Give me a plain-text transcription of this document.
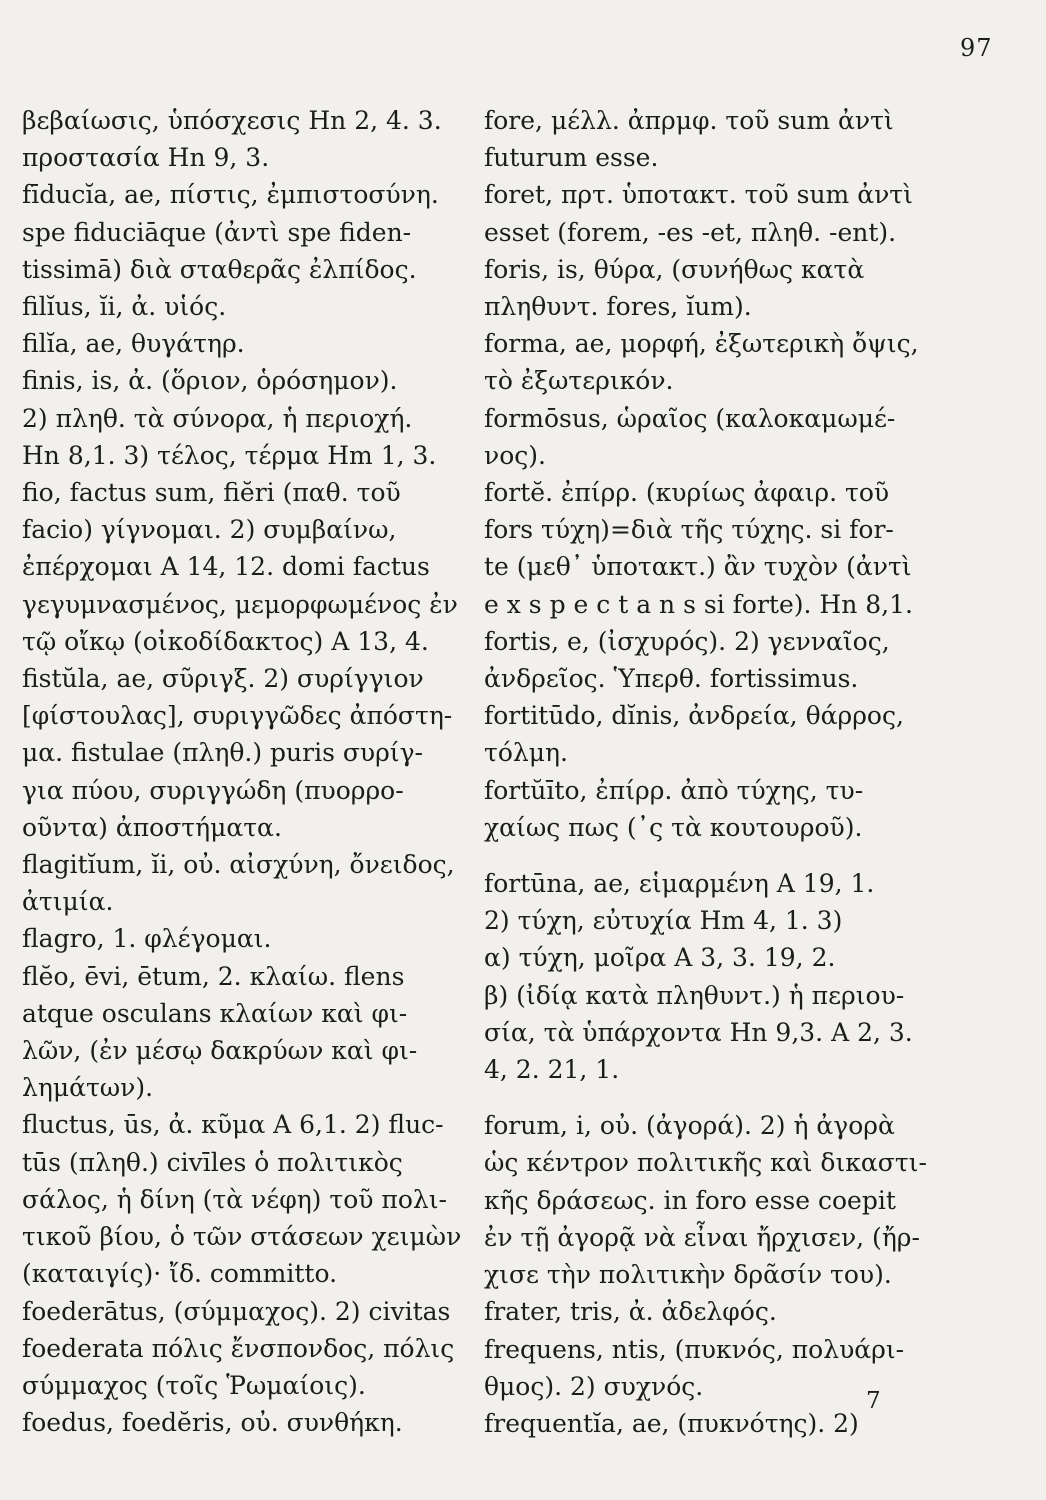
97
βεβαίωσις, ὑπόσχεσις Hn 2, 4. 3.
προστασία Hn 9, 3.
fīducĭa, ae, πίστις, ἐμπιστοσύνη.
spe fiduciāque (ἀντὶ spe fiden-
tissimā) διὰ σταθερᾶς ἐλπίδος.
filĭus, ĭi, ἀ. υἱός.
filĭa, ae, θυγάτηρ.
finis, is, ἀ. (ὅριον, ὁρόσημον).
2) πληθ. τὰ σύνορα, ἡ περιοχή.
Hn 8,1. 3) τέλος, τέρμα Hm 1, 3.
fio, factus sum, fiĕri (παθ. τοῦ
facio) γίγνομαι. 2) συμβαίνω,
ἐπέρχομαι A 14, 12. domi factus
γεγυμνασμένος, μεμορφωμένος ἐν
τῷ οἴκῳ (οἰκοδίδακτος) A 13, 4.
fistŭla, ae, σῦριγξ. 2) συρίγγιον
[φίστουλας], συριγγῶδες ἀπόστη-
μα. fistulae (πληθ.) puris συρίγ-
για πύου, συριγγώδη (πυορρο-
οῦντα) ἀποστήματα.
flagitĭum, ĭi, οὐ. αἰσχύνη, ὄνειδος,
ἀτιμία.
flagro, 1. φλέγομαι.
flĕo, ēvi, ētum, 2. κλαίω. flens
atque osculans κλαίων καὶ φι-
λῶν, (ἐν μέσῳ δακρύων καὶ φι-
λημάτων).
fluctus, ūs, ἀ. κῦμα A 6,1. 2) fluc-
tūs (πληθ.) civīles ὁ πολιτικὸς
σάλος, ἡ δίνη (τὰ νέφη) τοῦ πολι-
τικοῦ βίου, ὁ τῶν στάσεων χειμὼν
(καταιγίς)· ἴδ. committo.
foederātus, (σύμμαχος). 2) civitas
foederata πόλις ἔνσπονδος, πόλις
σύμμαχος (τοῖς Ῥωμαίοις).
foedus, foedĕris, οὐ. συνθήκη.
fore, μέλλ. ἀπρμφ. τοῦ sum ἀντὶ
futurum esse.
foret, πρτ. ὑποτακτ. τοῦ sum ἀντὶ
esset (forem, -es -et, πληθ. -ent).
foris, is, θύρα, (συνήθως κατὰ
πληθυντ. fores, ĭum).
forma, ae, μορφή, ἐξωτερικὴ ὄψις,
τὸ ἐξωτερικόν.
formōsus, ὡραῖος (καλοκαμωμέ-
νος).
fortĕ. ἐπίρρ. (κυρίως ἀφαιρ. τοῦ
fors τύχη)=διὰ τῆς τύχης. si for-
te (μεθ᾽ ὑποτακτ.) ἂν τυχὸν (ἀντὶ
e x s p e c t a n s si forte). Hn 8,1.
fortis, e, (ἰσχυρός). 2) γενναῖος,
ἀνδρεῖος. Ὑπερθ. fortissimus.
fortitūdo, dĭnis, ἀνδρεία, θάρρος,
τόλμη.
fortŭīto, ἐπίρρ. ἀπὸ τύχης, τυ-
χαίως πως (᾽ς τὰ κουτουροῦ).
fortūna, ae, εἱμαρμένη A 19, 1.
2) τύχη, εὐτυχία Hm 4, 1. 3)
α) τύχη, μοῖρα A 3, 3. 19, 2.
β) (ἰδίᾳ κατὰ πληθυντ.) ἡ περιου-
σία, τὰ ὑπάρχοντα Hn 9,3. A 2, 3.
4, 2. 21, 1.
forum, i, οὐ. (ἀγορά). 2) ἡ ἀγορὰ
ὡς κέντρον πολιτικῆς καὶ δικαστι-
κῆς δράσεως. in foro esse coepit
ἐν τῇ ἀγορᾷ νὰ εἶναι ἤρχισεν, (ἤρ-
χισε τὴν πολιτικὴν δρᾶσίν του).
frater, tris, ἀ. ἀδελφός.
frequens, ntis, (πυκνός, πολυάρι-
θμος). 2) συχνός.
frequentĭa, ae, (πυκνότης). 2)
7
